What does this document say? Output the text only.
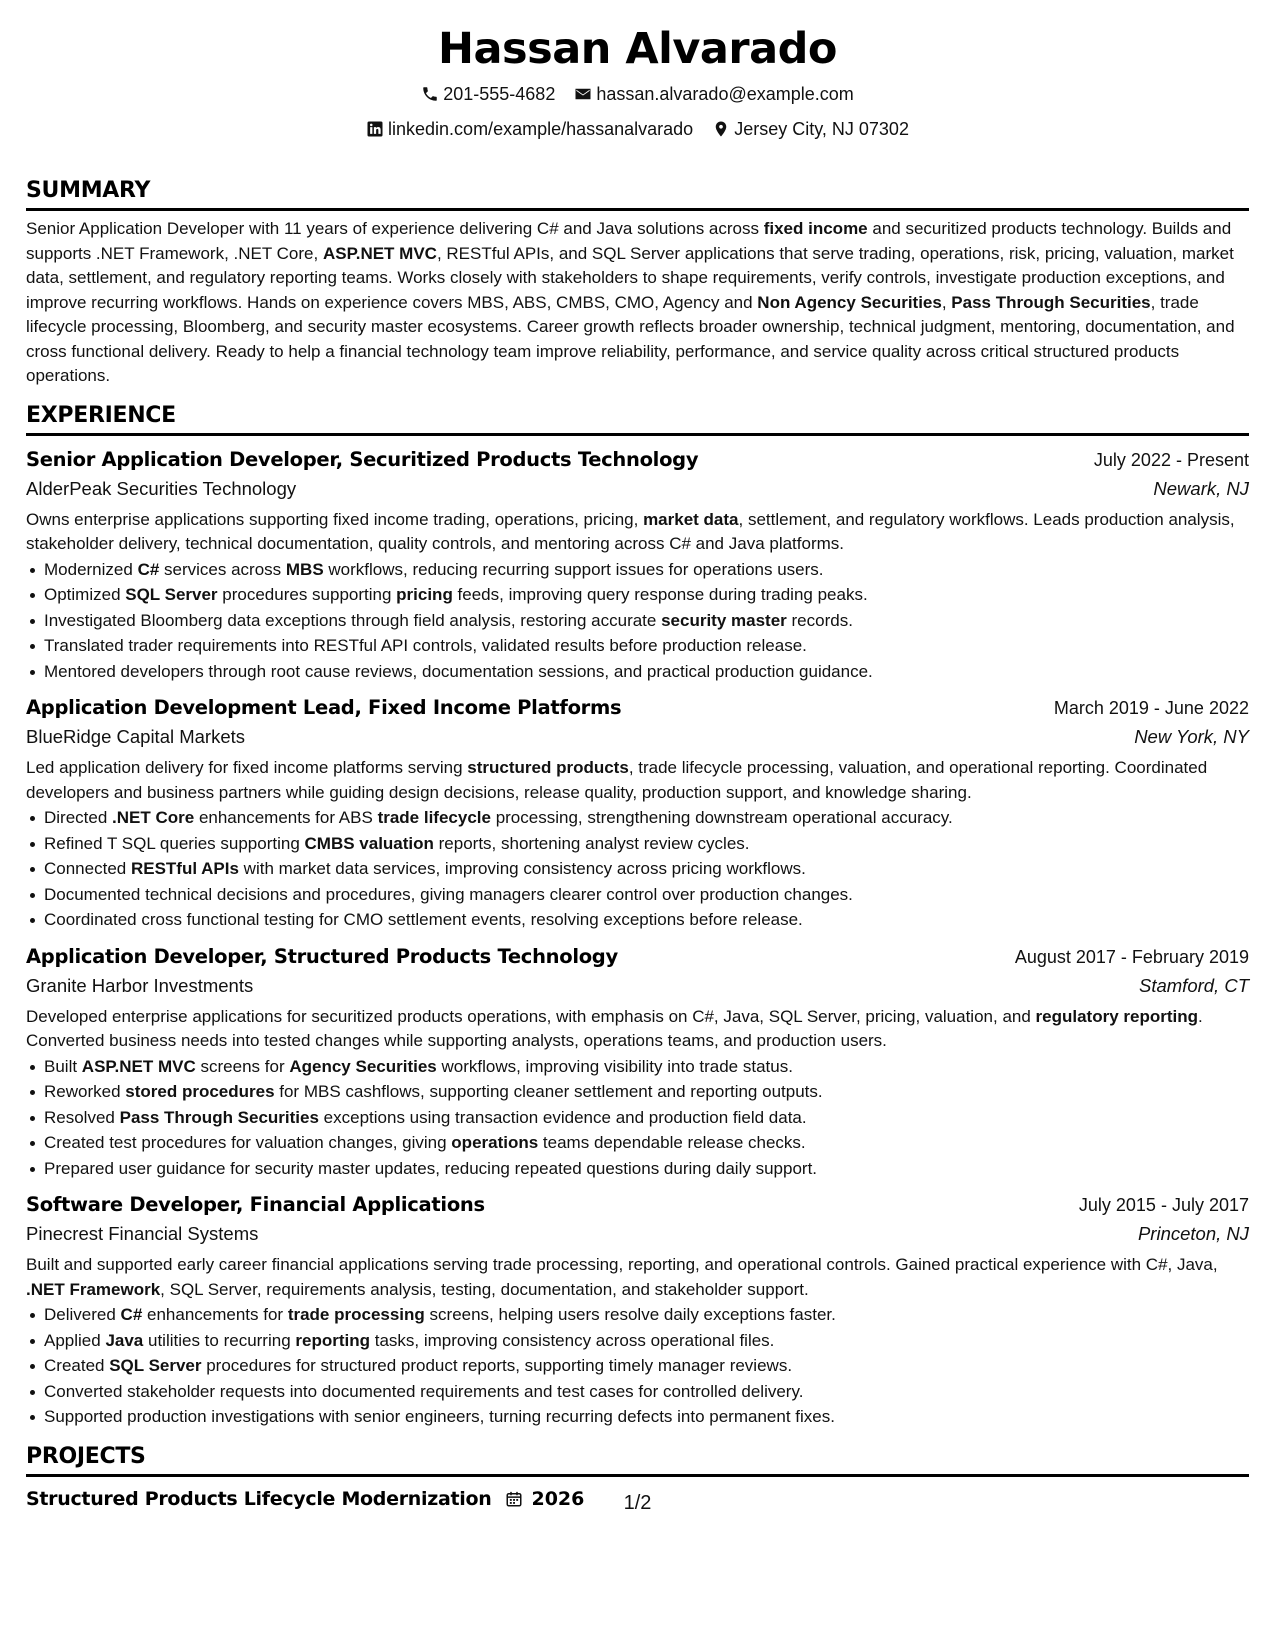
Hassan Alvarado
201-555-4682
hassan.alvarado@example.com
linkedin.com/example/hassanalvarado
Jersey City, NJ 07302
SUMMARY

Senior Application Developer with 11 years of experience delivering C# and Java solutions across fixed income and securitized products technology. Builds and supports .NET Framework, .NET Core, ASP.NET MVC, RESTful APIs, and SQL Server applications that serve trading, operations, risk, pricing, valuation, market data, settlement, and regulatory reporting teams. Works closely with stakeholders to shape requirements, verify controls, investigate production exceptions, and improve recurring workflows. Hands on experience covers MBS, ABS, CMBS, CMO, Agency and Non Agency Securities, Pass Through Securities, trade lifecycle processing, Bloomberg, and security master ecosystems. Career growth reflects broader ownership, technical judgment, mentoring, documentation, and cross functional delivery. Ready to help a financial technology team improve reliability, performance, and service quality across critical structured products operations.

EXPERIENCE
Senior Application Developer, Securitized Products Technology	July 2022 - Present
AlderPeak Securities Technology	Newark, NJ

Owns enterprise applications supporting fixed income trading, operations, pricing, market data, settlement, and regulatory workflows. Leads production analysis, stakeholder delivery, technical documentation, quality controls, and mentoring across C# and Java platforms.

Modernized C# services across MBS workflows, reducing recurring support issues for operations users.
Optimized SQL Server procedures supporting pricing feeds, improving query response during trading peaks.
Investigated Bloomberg data exceptions through field analysis, restoring accurate security master records.
Translated trader requirements into RESTful API controls, validated results before production release.
Mentored developers through root cause reviews, documentation sessions, and practical production guidance.
Application Development Lead, Fixed Income Platforms	March 2019 - June 2022
BlueRidge Capital Markets	New York, NY

Led application delivery for fixed income platforms serving structured products, trade lifecycle processing, valuation, and operational reporting. Coordinated developers and business partners while guiding design decisions, release quality, production support, and knowledge sharing.

Directed .NET Core enhancements for ABS trade lifecycle processing, strengthening downstream operational accuracy.
Refined T SQL queries supporting CMBS valuation reports, shortening analyst review cycles.
Connected RESTful APIs with market data services, improving consistency across pricing workflows.
Documented technical decisions and procedures, giving managers clearer control over production changes.
Coordinated cross functional testing for CMO settlement events, resolving exceptions before release.
Application Developer, Structured Products Technology	August 2017 - February 2019
Granite Harbor Investments	Stamford, CT

Developed enterprise applications for securitized products operations, with emphasis on C#, Java, SQL Server, pricing, valuation, and regulatory reporting. Converted business needs into tested changes while supporting analysts, operations teams, and production users.

Built ASP.NET MVC screens for Agency Securities workflows, improving visibility into trade status.
Reworked stored procedures for MBS cashflows, supporting cleaner settlement and reporting outputs.
Resolved Pass Through Securities exceptions using transaction evidence and production field data.
Created test procedures for valuation changes, giving operations teams dependable release checks.
Prepared user guidance for security master updates, reducing repeated questions during daily support.
Software Developer, Financial Applications	July 2015 - July 2017
Pinecrest Financial Systems	Princeton, NJ

Built and supported early career financial applications serving trade processing, reporting, and operational controls. Gained practical experience with C#, Java, .NET Framework, SQL Server, requirements analysis, testing, documentation, and stakeholder support.

Delivered C# enhancements for trade processing screens, helping users resolve daily exceptions faster.
Applied Java utilities to recurring reporting tasks, improving consistency across operational files.
Created SQL Server procedures for structured product reports, supporting timely manager reviews.
Converted stakeholder requests into documented requirements and test cases for controlled delivery.
Supported production investigations with senior engineers, turning recurring defects into permanent fixes.
PROJECTS
Structured Products Lifecycle Modernization 2026	1/2
